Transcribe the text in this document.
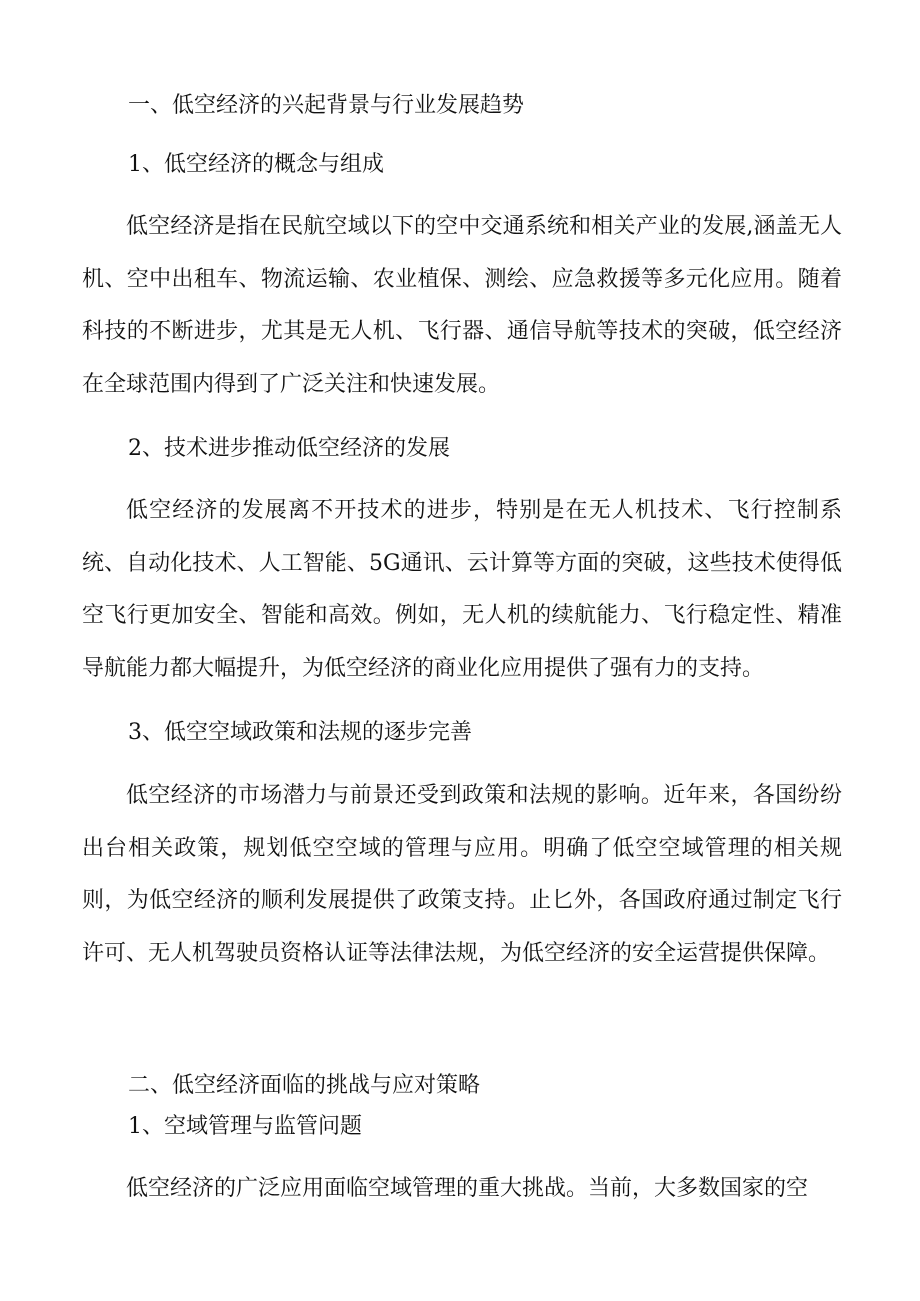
一、低空经济的兴起背景与行业发展趋势

1、低空经济的概念与组成

低空经济是指在民航空域以下的空中交通系统和相关产业的发展,涵盖无人机、空中出租车、物流运输、农业植保、测绘、应急救援等多元化应用。随着科技的不断进步，尤其是无人机、飞行器、通信导航等技术的突破，低空经济在全球范围内得到了广泛关注和快速发展。

2、技术进步推动低空经济的发展

低空经济的发展离不开技术的进步，特别是在无人机技术、飞行控制系统、自动化技术、人工智能、5G通讯、云计算等方面的突破，这些技术使得低空飞行更加安全、智能和高效。例如，无人机的续航能力、飞行稳定性、精准导航能力都大幅提升，为低空经济的商业化应用提供了强有力的支持。

3、低空空域政策和法规的逐步完善

低空经济的市场潜力与前景还受到政策和法规的影响。近年来，各国纷纷出台相关政策，规划低空空域的管理与应用。明确了低空空域管理的相关规则，为低空经济的顺利发展提供了政策支持。止匕外，各国政府通过制定飞行许可、无人机驾驶员资格认证等法律法规，为低空经济的安全运营提供保障。

二、低空经济面临的挑战与应对策略

1、空域管理与监管问题

低空经济的广泛应用面临空域管理的重大挑战。当前，大多数国家的空
